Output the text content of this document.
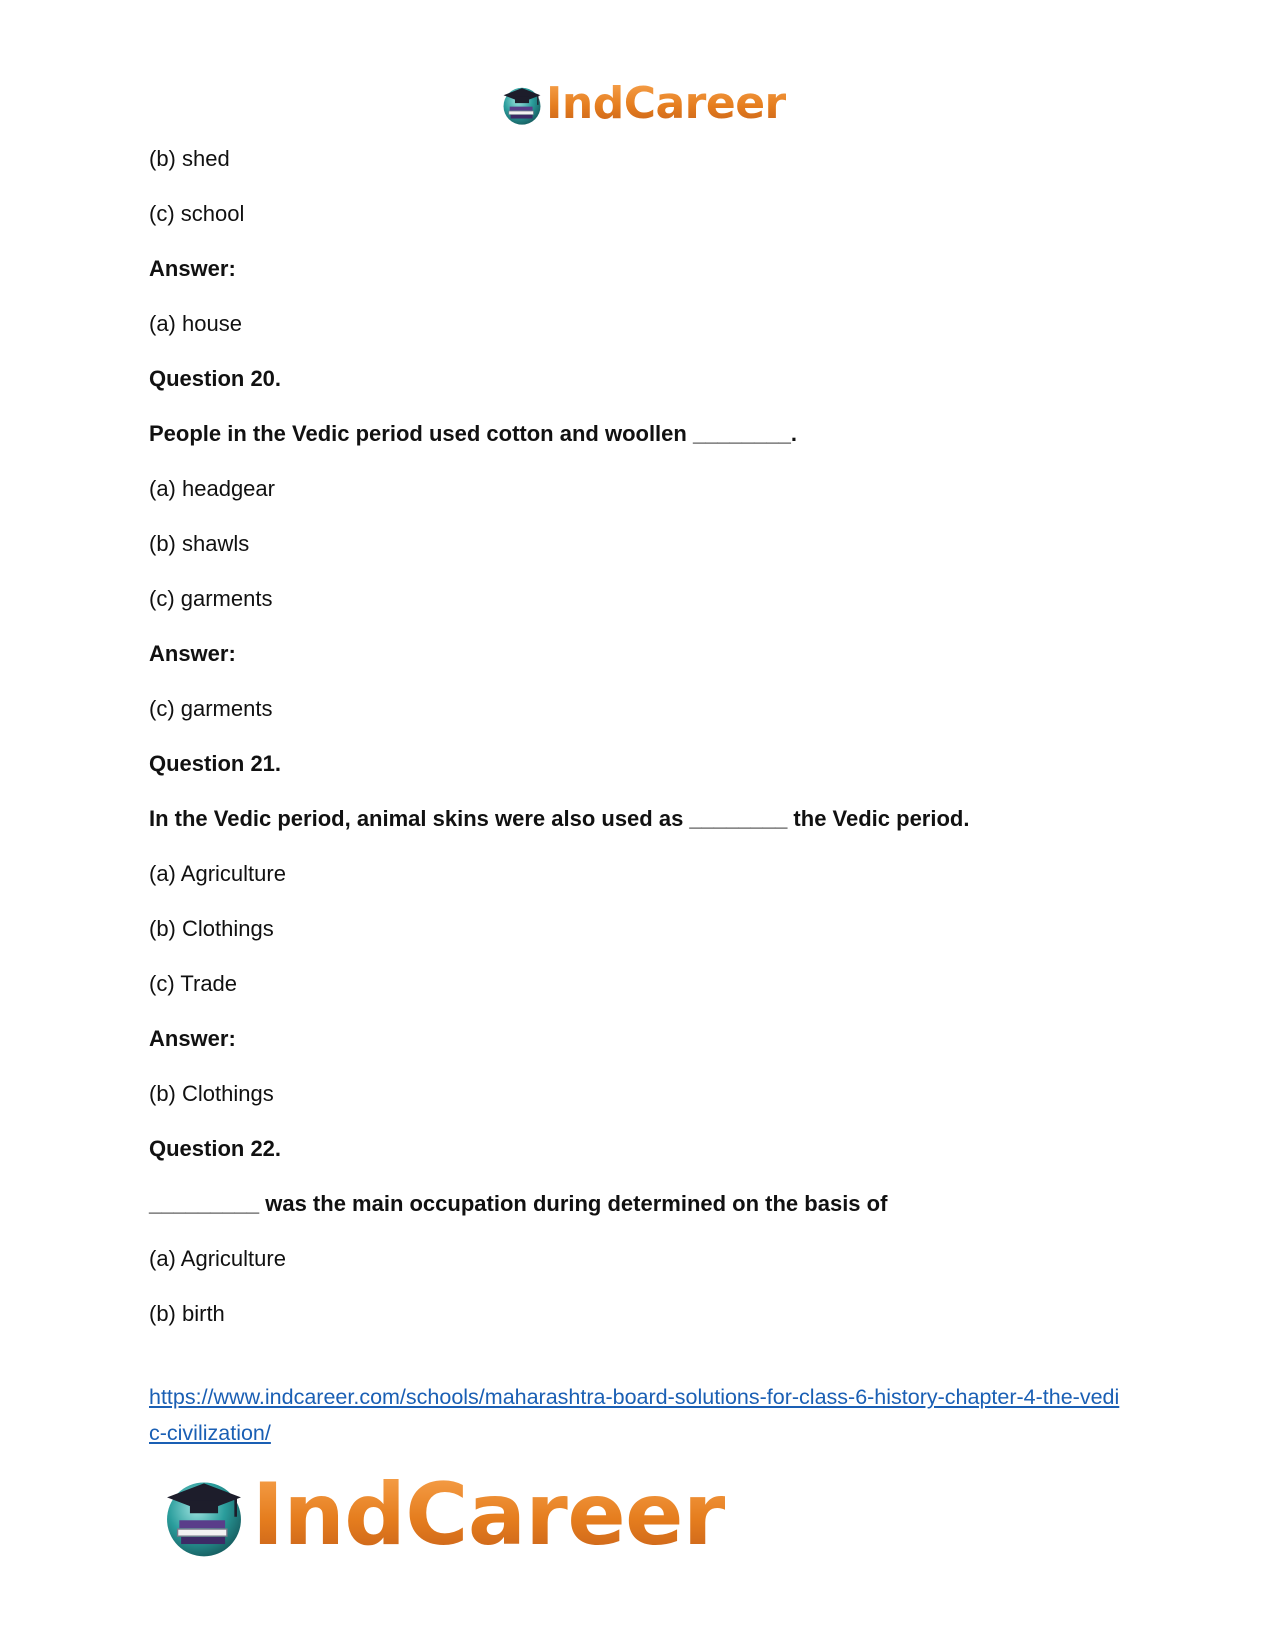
IndCareer
(b) shed
(c) school
Answer:
(a) house
Question 20.
People in the Vedic period used cotton and woollen ________.
(a) headgear
(b) shawls
(c) garments
Answer:
(c) garments
Question 21.
In the Vedic period, animal skins were also used as ________ the Vedic period.
(a) Agriculture
(b) Clothings
(c) Trade
Answer:
(b) Clothings
Question 22.
_________ was the main occupation during determined on the basis of
(a) Agriculture
(b) birth
https://www.indcareer.com/schools/maharashtra-board-solutions-for-class-6-history-chapter-4-the-vedic-civilization/
IndCareer
